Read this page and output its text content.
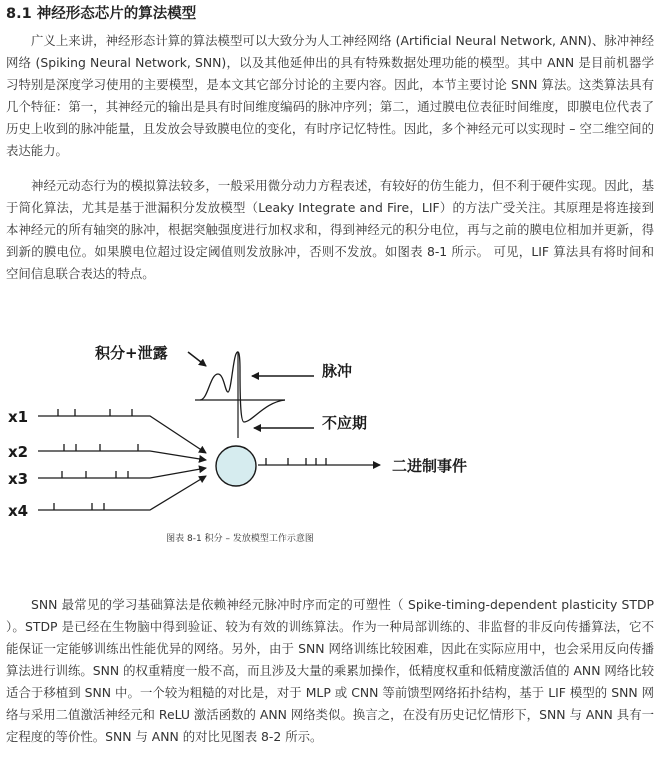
8.1 神经形态芯片的算法模型

广义上来讲，神经形态计算的算法模型可以大致分为人工神经网络 (Artificial Neural Network, ANN)、脉冲神经网络 (Spiking Neural Network, SNN)，以及其他延伸出的具有特殊数据处理功能的模型。其中 ANN 是目前机器学习特别是深度学习使用的主要模型，是本文其它部分讨论的主要内容。因此，本节主要讨论 SNN 算法。这类算法具有几个特征：第一，其神经元的输出是具有时间维度编码的脉冲序列；第二，通过膜电位表征时间维度，即膜电位代表了历史上收到的脉冲能量，且发放会导致膜电位的变化，有时序记忆特性。因此，多个神经元可以实现时 – 空二维空间的表达能力。

神经元动态行为的模拟算法较多，一般采用微分动力方程表述，有较好的仿生能力，但不利于硬件实现。因此，基于简化算法，尤其是基于泄漏积分发放模型（Leaky Integrate and Fire，LIF）的方法广受关注。其原理是将连接到本神经元的所有轴突的脉冲，根据突触强度进行加权求和，得到神经元的积分电位，再与之前的膜电位相加并更新，得到新的膜电位。如果膜电位超过设定阈值则发放脉冲，否则不发放。如图表 8-1 所示。 可见，LIF 算法具有将时间和空间信息联合表达的特点。

积分+泄露
脉冲
不应期
x1
x2
x3
x4
二进制事件
图表 8-1 积分 – 发放模型工作示意图

SNN 最常见的学习基础算法是依赖神经元脉冲时序而定的可塑性（ Spike-timing-dependent plasticity STDP ）。STDP 是已经在生物脑中得到验证、较为有效的训练算法。作为一种局部训练的、非监督的非反向传播算法，它不能保证一定能够训练出性能优异的网络。另外，由于 SNN 网络训练比较困难，因此在实际应用中，也会采用反向传播算法进行训练。SNN 的权重精度一般不高，而且涉及大量的乘累加操作，低精度权重和低精度激活值的 ANN 网络比较适合于移植到 SNN 中。一个较为粗糙的对比是，对于 MLP 或 CNN 等前馈型网络拓扑结构，基于 LIF 模型的 SNN 网络与采用二值激活神经元和 ReLU 激活函数的 ANN 网络类似。换言之，在没有历史记忆情形下，SNN 与 ANN 具有一定程度的等价性。SNN 与 ANN 的对比见图表 8-2 所示。
